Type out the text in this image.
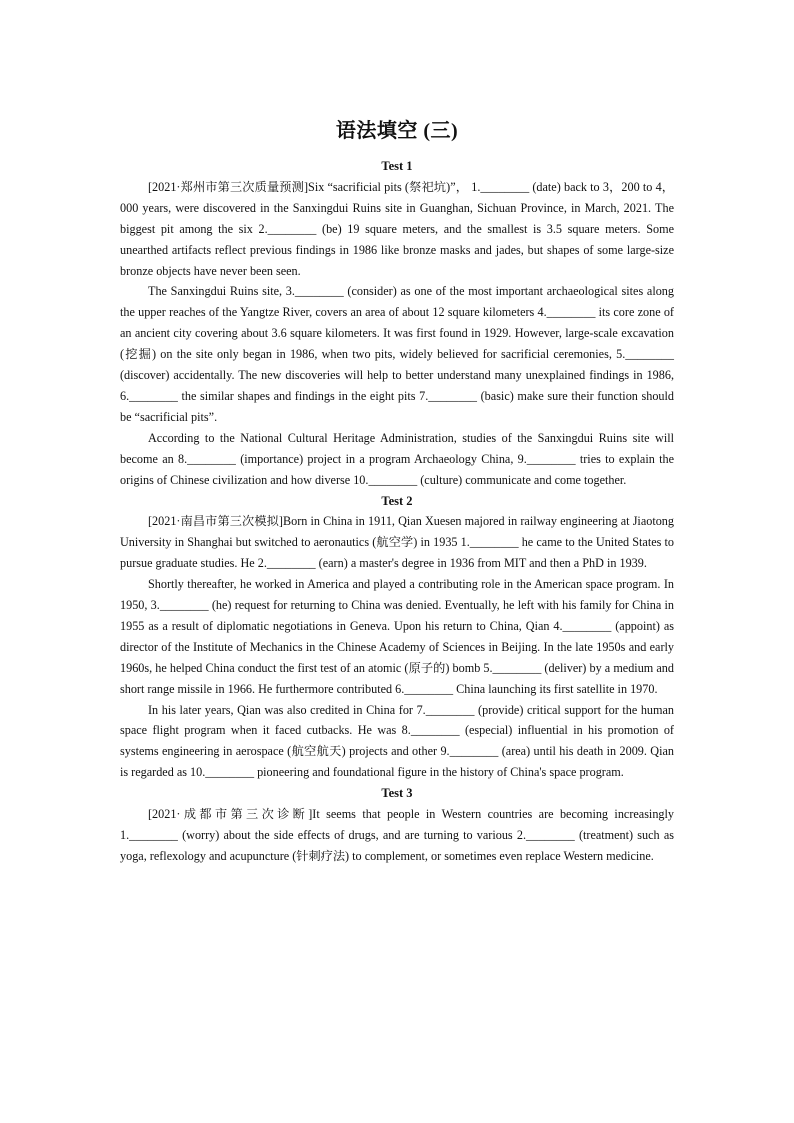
语法填空 (三)
Test 1

[2021·郑州市第三次质量预测]Six “sacrificial pits (祭祀坑)”， 1.________ (date) back to 3，200 to 4，000 years, were discovered in the Sanxingdui Ruins site in Guanghan, Sichuan Province, in March, 2021. The biggest pit among the six 2.________ (be) 19 square meters, and the smallest is 3.5 square meters. Some unearthed artifacts reflect previous findings in 1986 like bronze masks and jades, but shapes of some large-size bronze objects have never been seen.

The Sanxingdui Ruins site, 3.________ (consider) as one of the most important archaeological sites along the upper reaches of the Yangtze River, covers an area of about 12 square kilometers 4.________ its core zone of an ancient city covering about 3.6 square kilometers. It was first found in 1929. However, large-scale excavation (挖掘) on the site only began in 1986, when two pits, widely believed for sacrificial ceremonies, 5.________ (discover) accidentally. The new discoveries will help to better understand many unexplained findings in 1986, 6.________ the similar shapes and findings in the eight pits 7.________ (basic) make sure their function should be “sacrificial pits”.

According to the National Cultural Heritage Administration, studies of the Sanxingdui Ruins site will become an 8.________ (importance) project in a program Archaeology China, 9.________ tries to explain the origins of Chinese civilization and how diverse 10.________ (culture) communicate and come together.

Test 2

[2021·南昌市第三次模拟]Born in China in 1911, Qian Xuesen majored in railway engineering at Jiaotong University in Shanghai but switched to aeronautics (航空学) in 1935 1.________ he came to the United States to pursue graduate studies. He 2.________ (earn) a master's degree in 1936 from MIT and then a PhD in 1939.

Shortly thereafter, he worked in America and played a contributing role in the American space program. In 1950, 3.________ (he) request for returning to China was denied. Eventually, he left with his family for China in 1955 as a result of diplomatic negotiations in Geneva. Upon his return to China, Qian 4.________ (appoint) as director of the Institute of Mechanics in the Chinese Academy of Sciences in Beijing. In the late 1950s and early 1960s, he helped China conduct the first test of an atomic (原子的) bomb 5.________ (deliver) by a medium and short range missile in 1966. He furthermore contributed 6.________ China launching its first satellite in 1970.

In his later years, Qian was also credited in China for 7.________ (provide) critical support for the human space flight program when it faced cutbacks. He was 8.________ (especial) influential in his promotion of systems engineering in aerospace (航空航天) projects and other 9.________ (area) until his death in 2009. Qian is regarded as 10.________ pioneering and foundational figure in the history of China's space program.

Test 3

[2021·成都市第三次诊断]It seems that people in Western countries are becoming increasingly 1.________ (worry) about the side effects of drugs, and are turning to various 2.________ (treatment) such as yoga, reflexology and acupuncture (针刺疗法) to complement, or sometimes even replace Western medicine.
